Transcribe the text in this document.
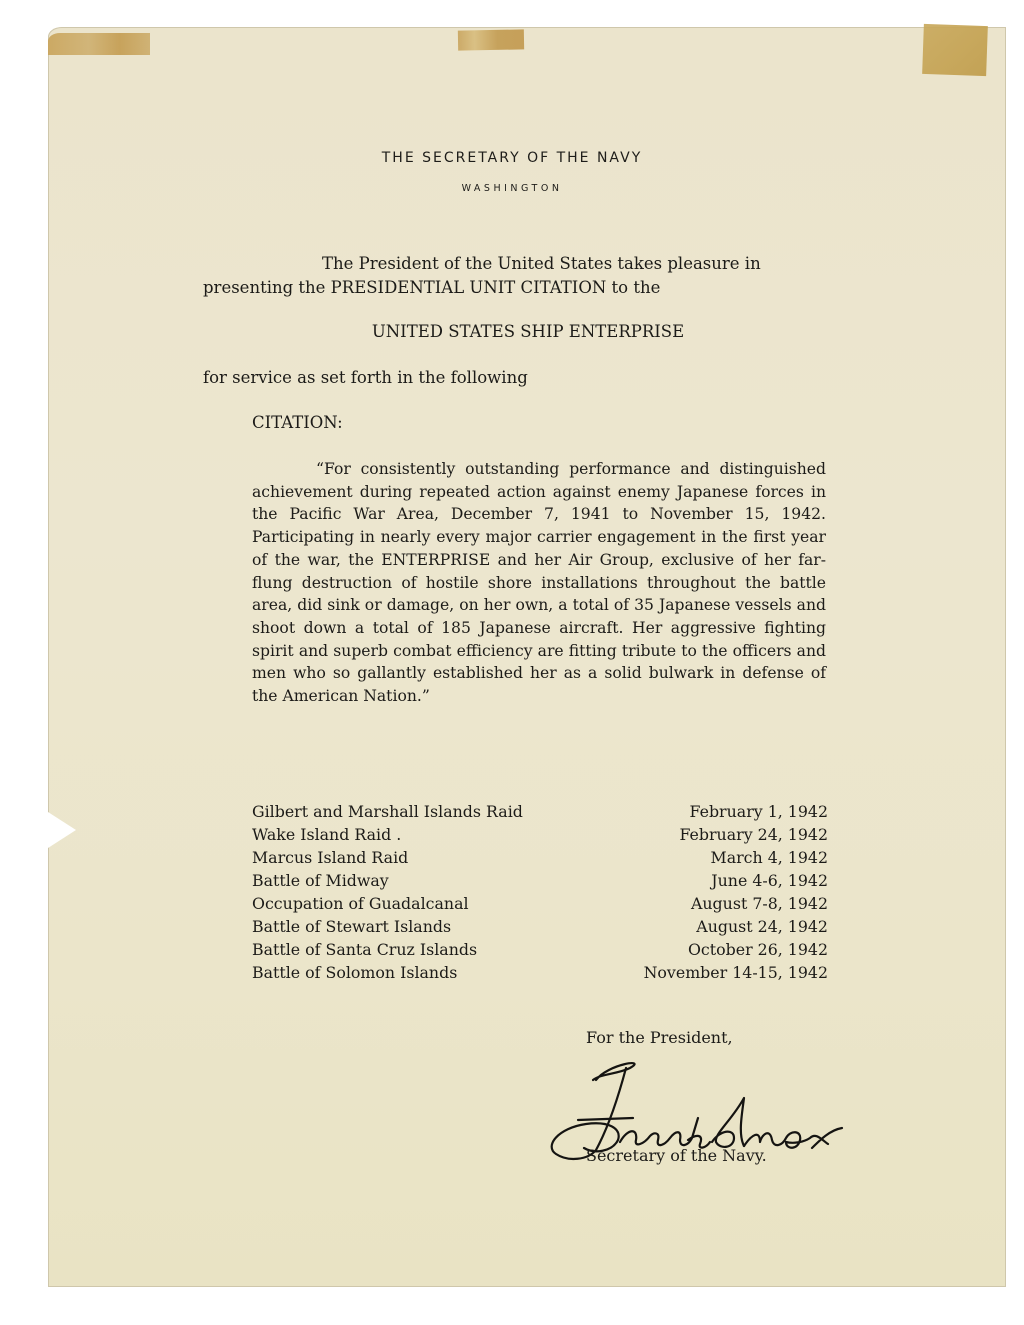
THE SECRETARY OF THE NAVY
WASHINGTON
The President of the United States takes pleasure in
presenting the PRESIDENTIAL UNIT CITATION to the
UNITED STATES SHIP ENTERPRISE
for service as set forth in the following
CITATION:

“For consistently outstanding performance and distinguished achievement during repeated action against enemy Japanese forces in the Pacific War Area, December 7, 1941 to November 15, 1942. Participating in nearly every major carrier engagement in the first year of the war, the ENTERPRISE and her Air Group, exclusive of her far-flung destruction of hostile shore installations throughout the battle area, did sink or damage, on her own, a total of 35 Japanese vessels and shoot down a total of 185 Japanese aircraft. Her aggressive fighting spirit and superb combat efficiency are fitting tribute to the officers and men who so gallantly established her as a solid bulwark in defense of the American Nation.”

Gilbert and Marshall Islands Raid	February 1, 1942
Wake Island Raid .	February 24, 1942
Marcus Island Raid	March 4, 1942
Battle of Midway	June 4-6, 1942
Occupation of Guadalcanal	August 7-8, 1942
Battle of Stewart Islands	August 24, 1942
Battle of Santa Cruz Islands	October 26, 1942
Battle of Solomon Islands	November 14-15, 1942
For the President,
Secretary of the Navy.
